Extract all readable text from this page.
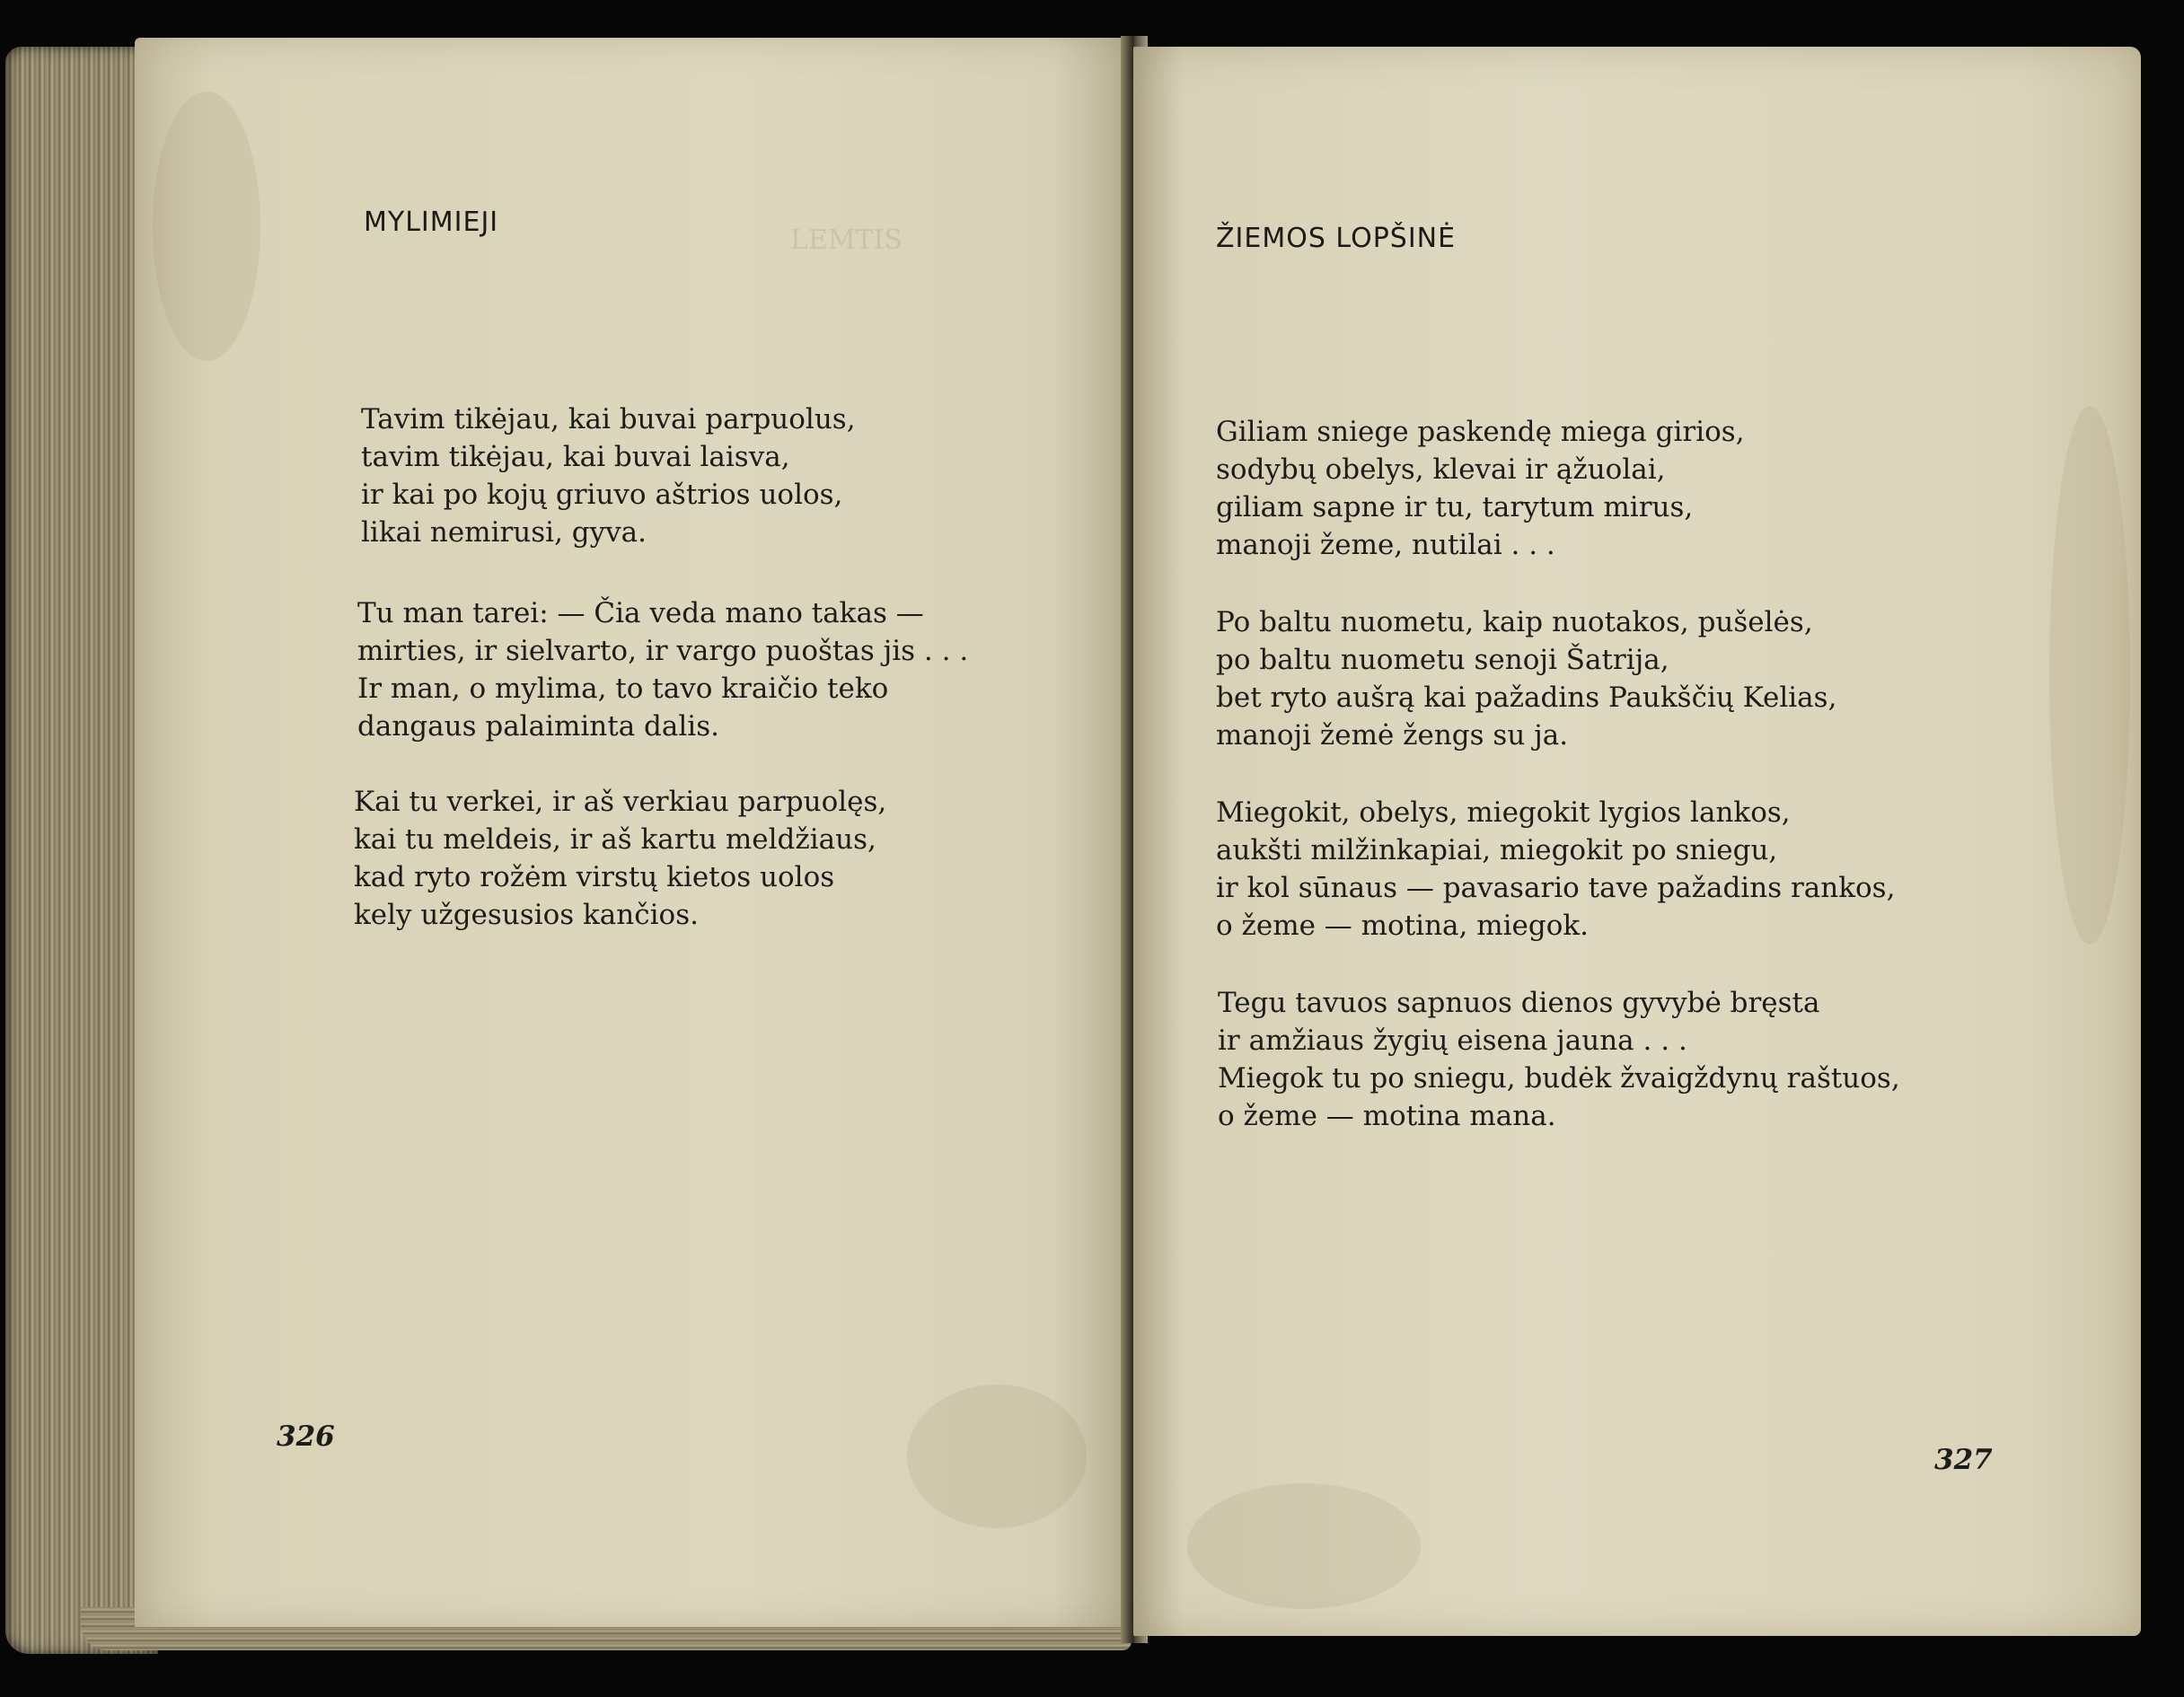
LEMTIS

MYLIMIEJI
Tavim tikėjau, kai buvai parpuolus,
tavim tikėjau, kai buvai laisva,
ir kai po kojų griuvo aštrios uolos,
likai nemirusi, gyva.
Tu man tarei: — Čia veda mano takas —
mirties, ir sielvarto, ir vargo puoštas jis . . .
Ir man, o mylima, to tavo kraičio teko
dangaus palaiminta dalis.
Kai tu verkei, ir aš verkiau parpuolęs,
kai tu meldeis, ir aš kartu meldžiaus,
kad ryto rožėm virstų kietos uolos
kely užgesusios kančios.
326
ŽIEMOS LOPŠINĖ
Giliam sniege paskendę miega girios,
sodybų obelys, klevai ir ąžuolai,
giliam sapne ir tu, tarytum mirus,
manoji žeme, nutilai . . .
Po baltu nuometu, kaip nuotakos, pušelės,
po baltu nuometu senoji Šatrija,
bet ryto aušrą kai pažadins Paukščių Kelias,
manoji žemė žengs su ja.
Miegokit, obelys, miegokit lygios lankos,
aukšti milžinkapiai, miegokit po sniegu,
ir kol sūnaus — pavasario tave pažadins rankos,
o žeme — motina, miegok.
Tegu tavuos sapnuos dienos gyvybė bręsta
ir amžiaus žygių eisena jauna . . .
Miegok tu po sniegu, budėk žvaigždynų raštuos,
o žeme — motina mana.
327
